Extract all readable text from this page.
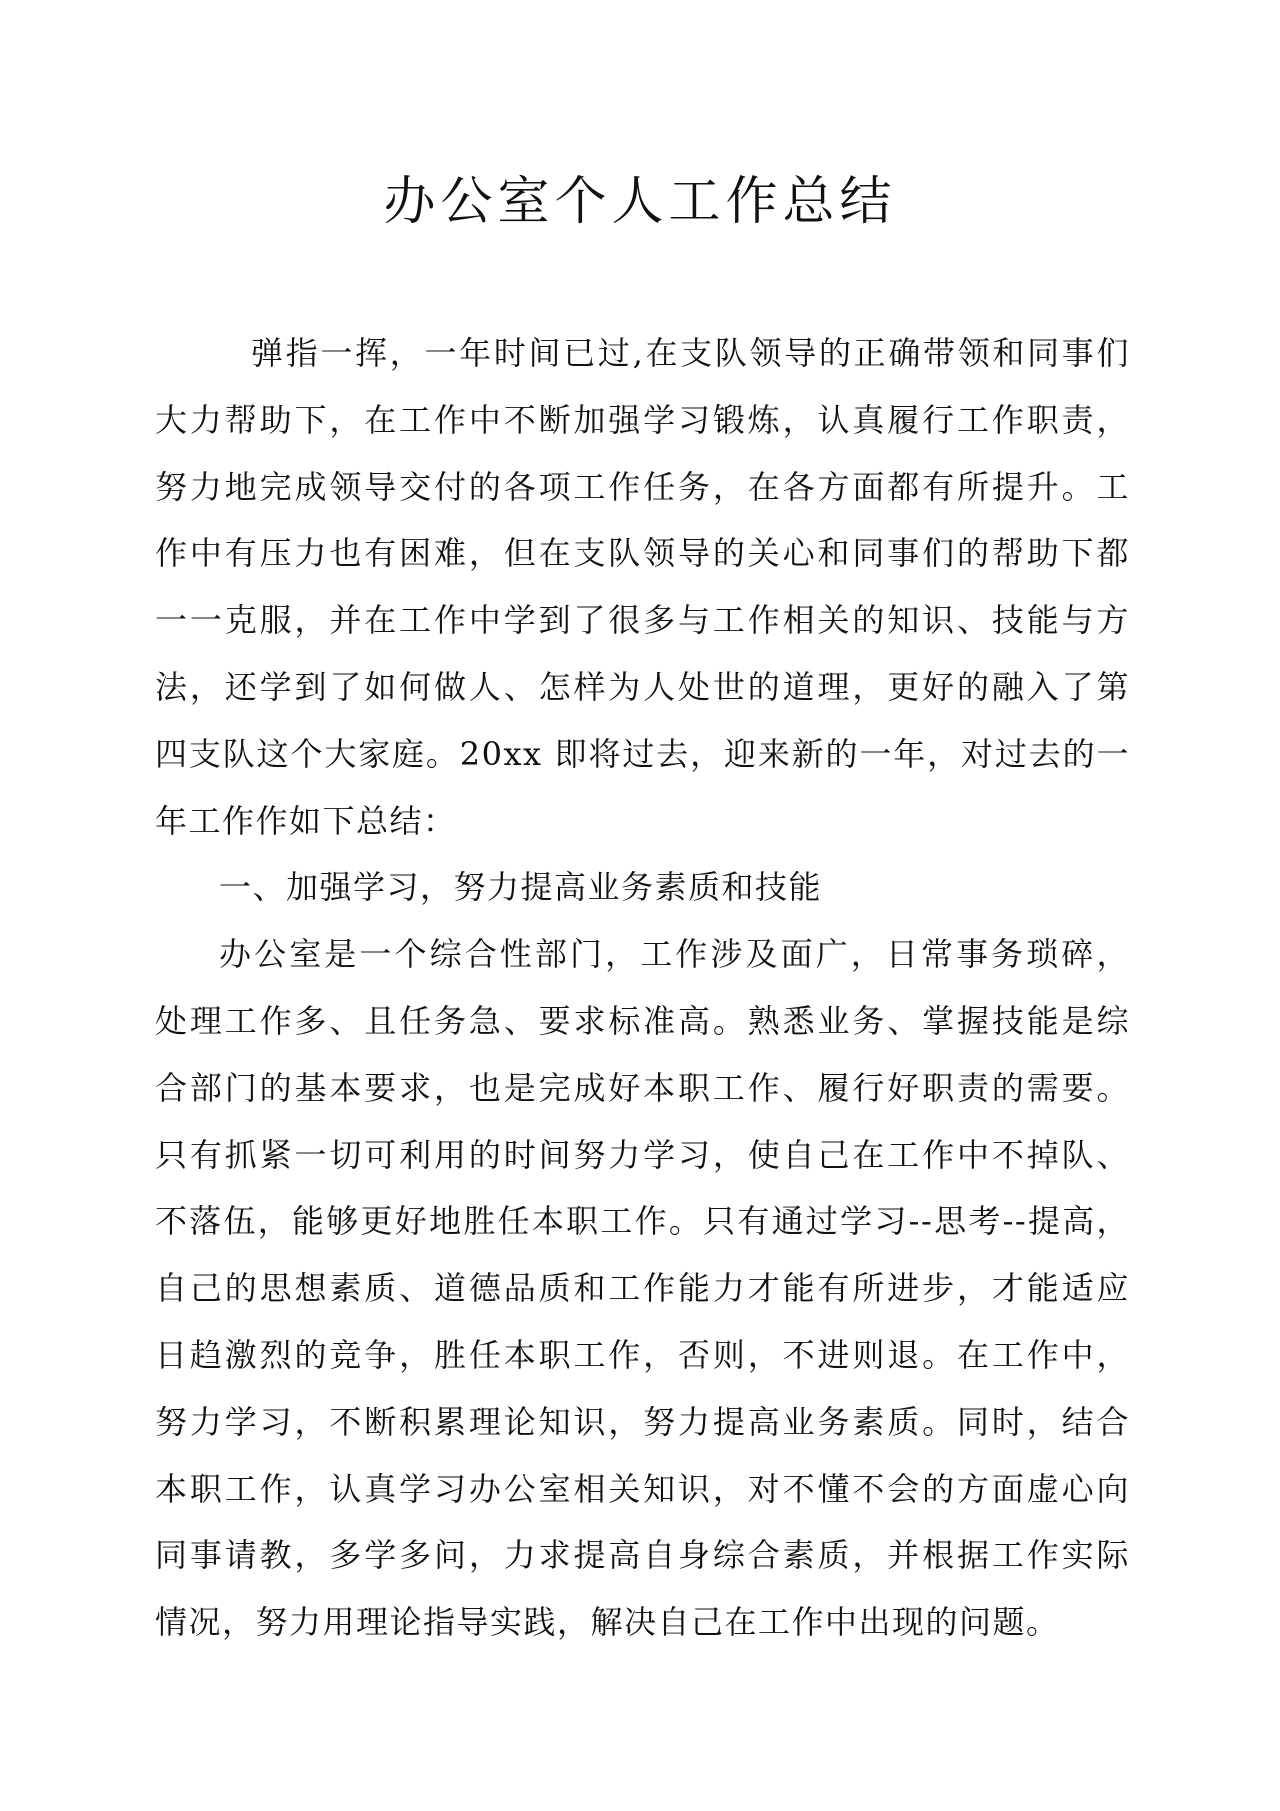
办公室个人工作总结
弹指一挥，一年时间已过,在支队领导的正确带领和同事们
大力帮助下，在工作中不断加强学习锻炼，认真履行工作职责，
努力地完成领导交付的各项工作任务，在各方面都有所提升。工
作中有压力也有困难，但在支队领导的关心和同事们的帮助下都
一一克服，并在工作中学到了很多与工作相关的知识、技能与方
法，还学到了如何做人、怎样为人处世的道理，更好的融入了第
四支队这个大家庭。20xx 即将过去，迎来新的一年，对过去的一
年工作作如下总结：
一、加强学习，努力提高业务素质和技能
办公室是一个综合性部门，工作涉及面广，日常事务琐碎，
处理工作多、且任务急、要求标准高。熟悉业务、掌握技能是综
合部门的基本要求，也是完成好本职工作、履行好职责的需要。
只有抓紧一切可利用的时间努力学习，使自己在工作中不掉队、
不落伍，能够更好地胜任本职工作。只有通过学习--思考--提高，
自己的思想素质、道德品质和工作能力才能有所进步，才能适应
日趋激烈的竞争，胜任本职工作，否则，不进则退。在工作中，
努力学习，不断积累理论知识，努力提高业务素质。同时，结合
本职工作，认真学习办公室相关知识，对不懂不会的方面虚心向
同事请教，多学多问，力求提高自身综合素质，并根据工作实际
情况，努力用理论指导实践，解决自己在工作中出现的问题。
